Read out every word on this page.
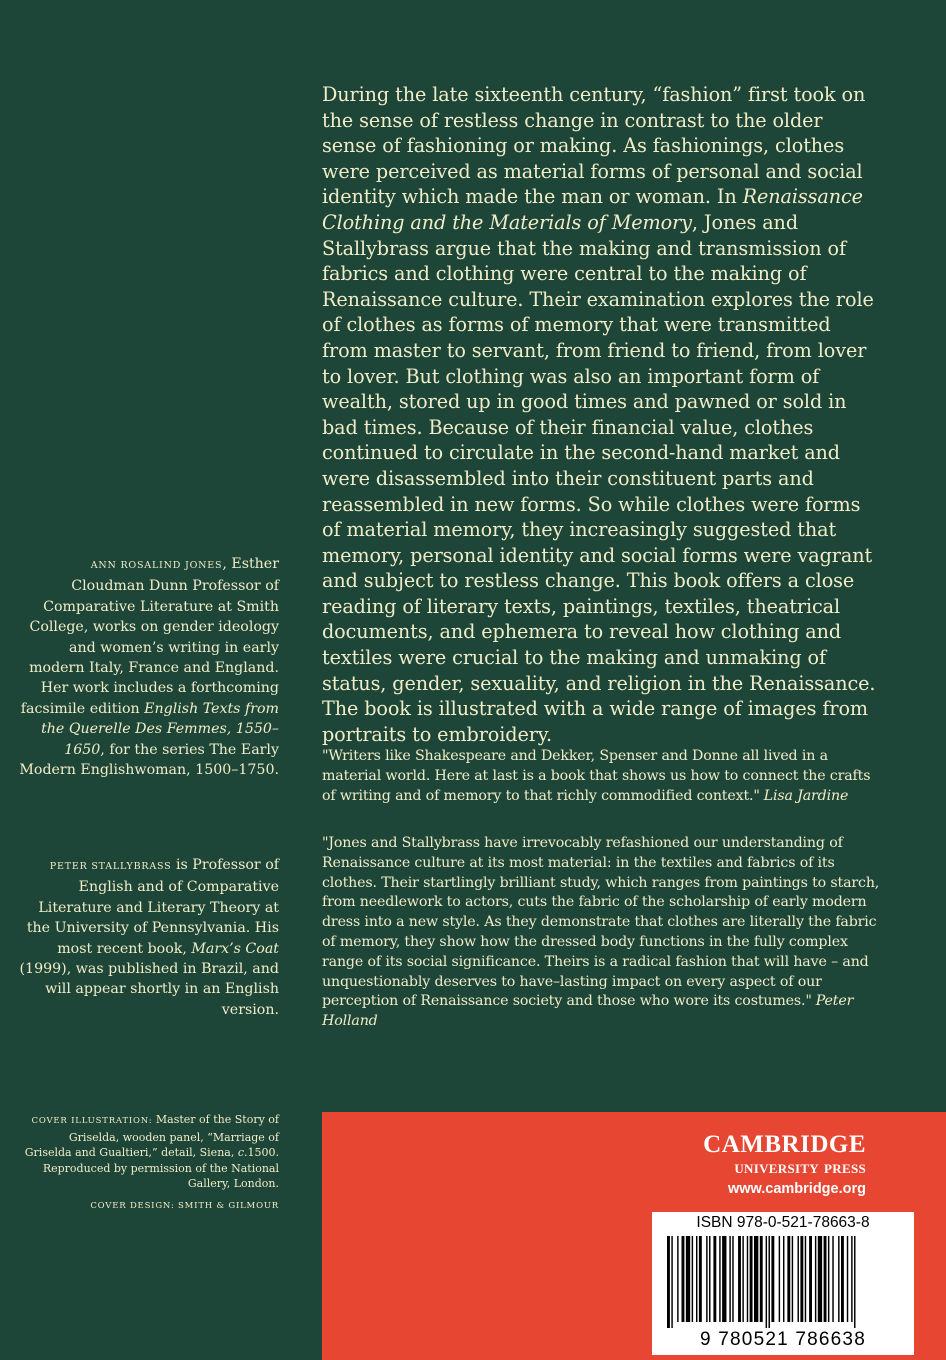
During the late sixteenth century, “fashion” first took on the sense of restless change in contrast to the older sense of fashioning or making. As fashionings, clothes were perceived as material forms of personal and social identity which made the man or woman. In Renaissance Clothing and the Materials of Memory, Jones and Stallybrass argue that the making and transmission of fabrics and clothing were central to the making of Renaissance culture. Their examination explores the role of clothes as forms of memory that were transmitted from master to servant, from friend to friend, from lover to lover. But clothing was also an important form of wealth, stored up in good times and pawned or sold in bad times. Because of their financial value, clothes continued to circulate in the second-hand market and were disassembled into their constituent parts and reassembled in new forms. So while clothes were forms of material memory, they increasingly suggested that memory, personal identity and social forms were vagrant and subject to restless change. This book offers a close reading of literary texts, paintings, textiles, theatrical documents, and ephemera to reveal how clothing and textiles were crucial to the making and unmaking of status, gender, sexuality, and religion in the Renaissance. The book is illustrated with a wide range of images from portraits to embroidery.
ANN ROSALIND JONES, Esther Cloudman Dunn Professor of Comparative Literature at Smith College, works on gender ideology and women’s writing in early modern Italy, France and England. Her work includes a forthcoming facsimile edition English Texts from the Querelle Des Femmes, 1550–1650, for the series The Early Modern Englishwoman, 1500–1750.
PETER STALLYBRASS is Professor of English and of Comparative Literature and Literary Theory at the University of Pennsylvania. His most recent book, Marx’s Coat (1999), was published in Brazil, and will appear shortly in an English version.
COVER ILLUSTRATION: Master of the Story of Griselda, wooden panel, “Marriage of Griselda and Gualtieri,” detail, Siena, c.1500. Reproduced by permission of the National Gallery, London.
COVER DESIGN: SMITH & GILMOUR
"Writers like Shakespeare and Dekker, Spenser and Donne all lived in a material world. Here at last is a book that shows us how to connect the crafts of writing and of memory to that richly commodified context." Lisa Jardine
"Jones and Stallybrass have irrevocably refashioned our understanding of Renaissance culture at its most material: in the textiles and fabrics of its clothes. Their startlingly brilliant study, which ranges from paintings to starch, from needlework to actors, cuts the fabric of the scholarship of early modern dress into a new style. As they demonstrate that clothes are literally the fabric of memory, they show how the dressed body functions in the fully complex range of its social significance. Theirs is a radical fashion that will have – and unquestionably deserves to have–lasting impact on every aspect of our perception of Renaissance society and those who wore its costumes." Peter Holland
cambridge
university press
www.cambridge.org
ISBN 978-0-521-78663-8
9 780521 786638
